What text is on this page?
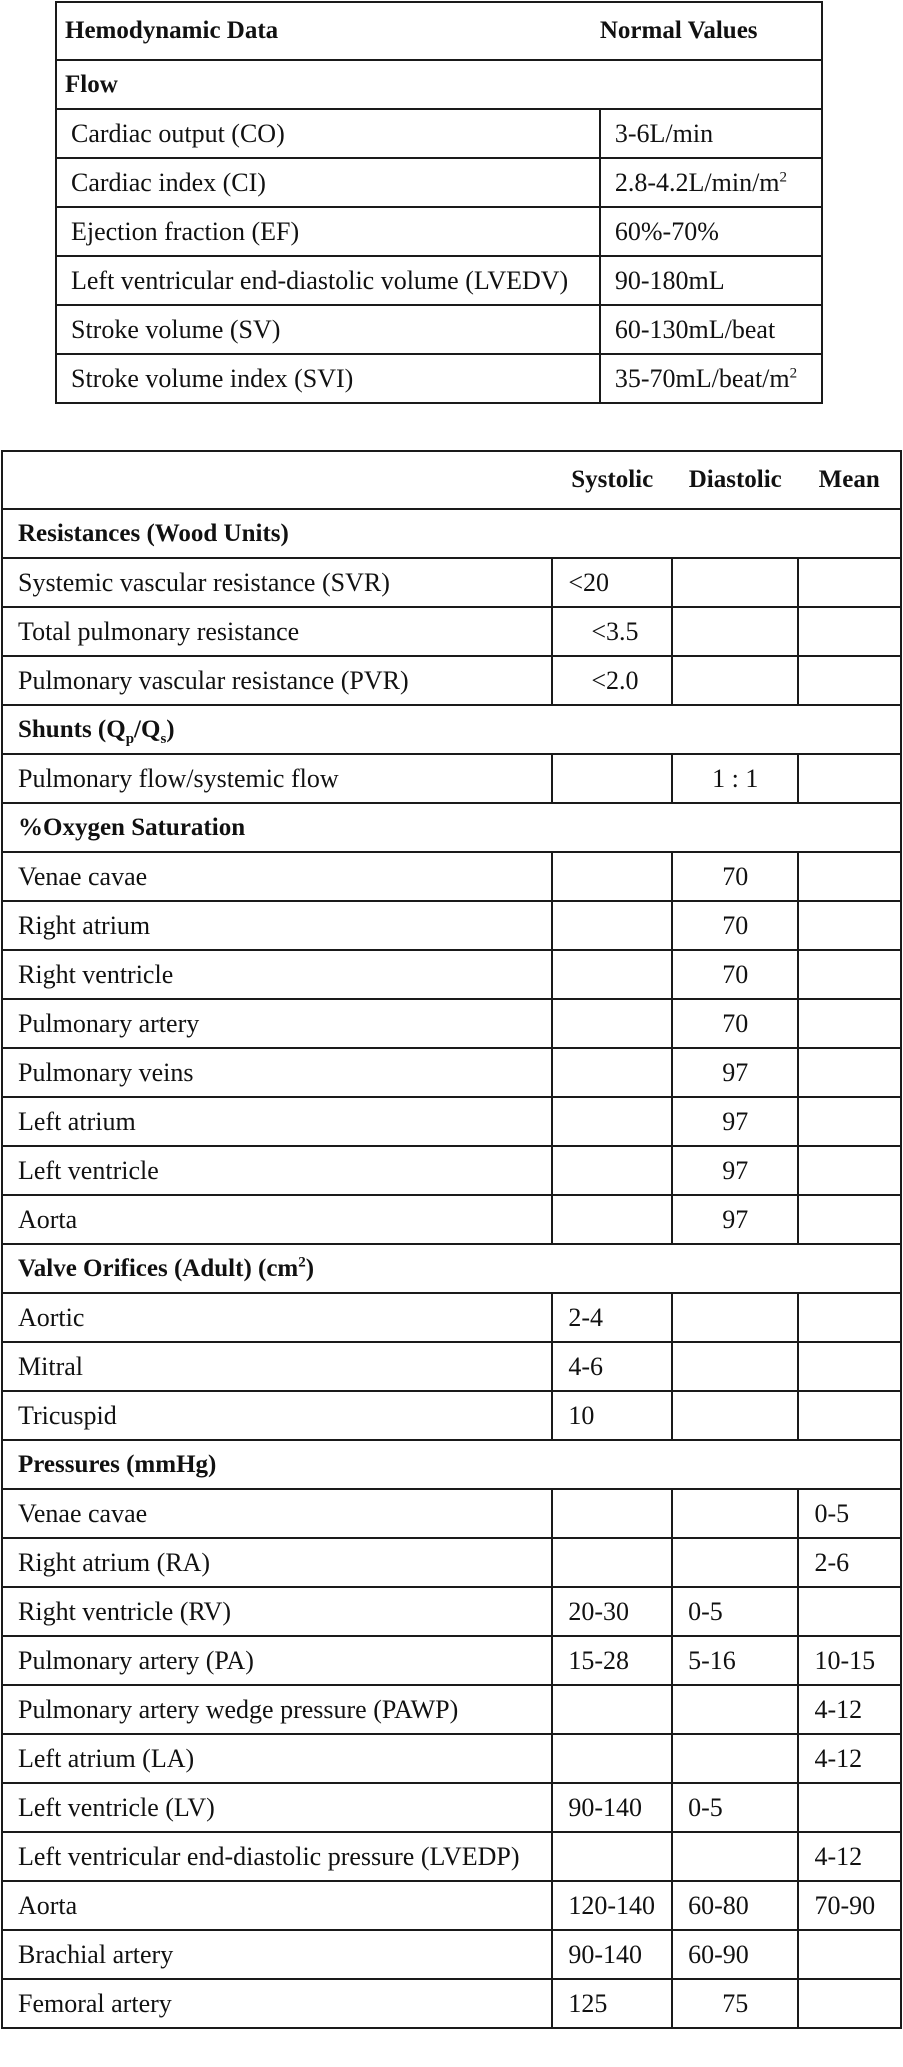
Hemodynamic Data	Normal Values
Flow	
Cardiac output (CO)	3-6L/min
Cardiac index (CI)	$2.8-4.2L/\min/m^2$
Ejection fraction (EF)	60%-70%
Left ventricular end-diastolic volume (LVEDV)	90-180mL
Stroke volume (SV)	60-130mL/beat
Stroke volume index (SVI)	$35-70mL/beat/m^2$
	Systolic	Diastolic	Mean
Resistances (Wood Units)			
Systemic vascular resistance (SVR)	<20		
Total pulmonary resistance	<3.5		
Pulmonary vascular resistance (PVR)	<2.0		
Shunts $(Q_p/Q_s)$			
Pulmonary flow/systemic flow		1 : 1	
%Oxygen Saturation			
Venae cavae		70	
Right atrium		70	
Right ventricle		70	
Pulmonary artery		70	
Pulmonary veins		97	
Left atrium		97	
Left ventricle		97	
Aorta		97	
Valve Orifices (Adult) $(cm^2)$			
Aortic	2-4		
Mitral	4-6		
Tricuspid	10		
Pressures (mmHg)			
Venae cavae			0-5
Right atrium (RA)			2-6
Right ventricle (RV)	20-30	0-5	
Pulmonary artery (PA)	15-28	5-16	10-15
Pulmonary artery wedge pressure (PAWP)			4-12
Left atrium (LA)			4-12
Left ventricle (LV)	90-140	0-5	
Left ventricular end-diastolic pressure (LVEDP)			4-12
Aorta	120-140	60-80	70-90
Brachial artery	90-140	60-90	
Femoral artery	125	75	
